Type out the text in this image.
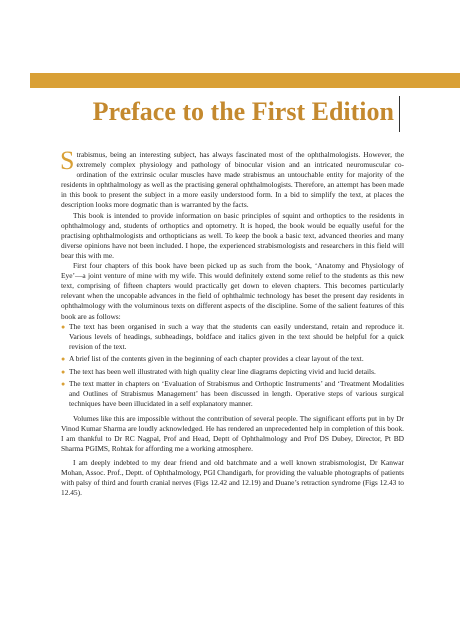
Preface to the First Edition

Strabismus, being an interesting subject, has always fascinated most of the ophthalmologists. However, the extremely complex physiology and pathology of binocular vision and an intricated neuromuscular co-ordination of the extrinsic ocular muscles have made strabismus an untouchable entity for majority of the residents in ophthalmology as well as the practising general ophthalmologists. Therefore, an attempt has been made in this book to present the subject in a more easily understood form. In a bid to simplify the text, at places the description looks more dogmatic than is warranted by the facts.

This book is intended to provide information on basic principles of squint and orthoptics to the residents in ophthalmology and, students of orthoptics and optometry. It is hoped, the book would be equally useful for the practising ophthalmologists and orthopticians as well. To keep the book a basic text, advanced theories and many diverse opinions have not been included. I hope, the experienced strabismologists and researchers in this field will bear this with me.

First four chapters of this book have been picked up as such from the book, ‘Anatomy and Physiology of Eye’—a joint venture of mine with my wife. This would definitely extend some relief to the students as this new text, comprising of fifteen chapters would practically get down to eleven chapters. This becomes particularly relevant when the uncopable advances in the field of ophthalmic technology has beset the present day residents in ophthalmology with the voluminous texts on different aspects of the discipline. Some of the salient features of this book are as follows:

● The text has been organised in such a way that the students can easily understand, retain and reproduce it. Various levels of headings, subheadings, boldface and italics given in the text should be helpful for a quick revision of the text.
● A brief list of the contents given in the beginning of each chapter provides a clear layout of the text.
● The text has been well illustrated with high quality clear line diagrams depicting vivid and lucid details.
● The text matter in chapters on ‘Evaluation of Strabismus and Orthoptic Instruments’ and ‘Treatment Modalities and Outlines of Strabismus Management’ has been discussed in length. Operative steps of various surgical techniques have been illucidated in a self explanatory manner.

Volumes like this are impossible without the contribution of several people. The significant efforts put in by Dr Vinod Kumar Sharma are loudly acknowledged. He has rendered an unprecedented help in completion of this book. I am thankful to Dr RC Nagpal, Prof and Head, Deptt of Ophthalmology and Prof DS Dubey, Director, Pt BD Sharma PGIMS, Rohtak for affording me a working atmosphere.

I am deeply indebted to my dear friend and old batchmate and a well known strabismologist, Dr Kanwar Mohan, Assoc. Prof., Deptt. of Ophthalmology, PGI Chandigarh, for providing the valuable photographs of patients with palsy of third and fourth cranial nerves (Figs 12.42 and 12.19) and Duane’s retraction syndrome (Figs 12.43 to 12.45).
